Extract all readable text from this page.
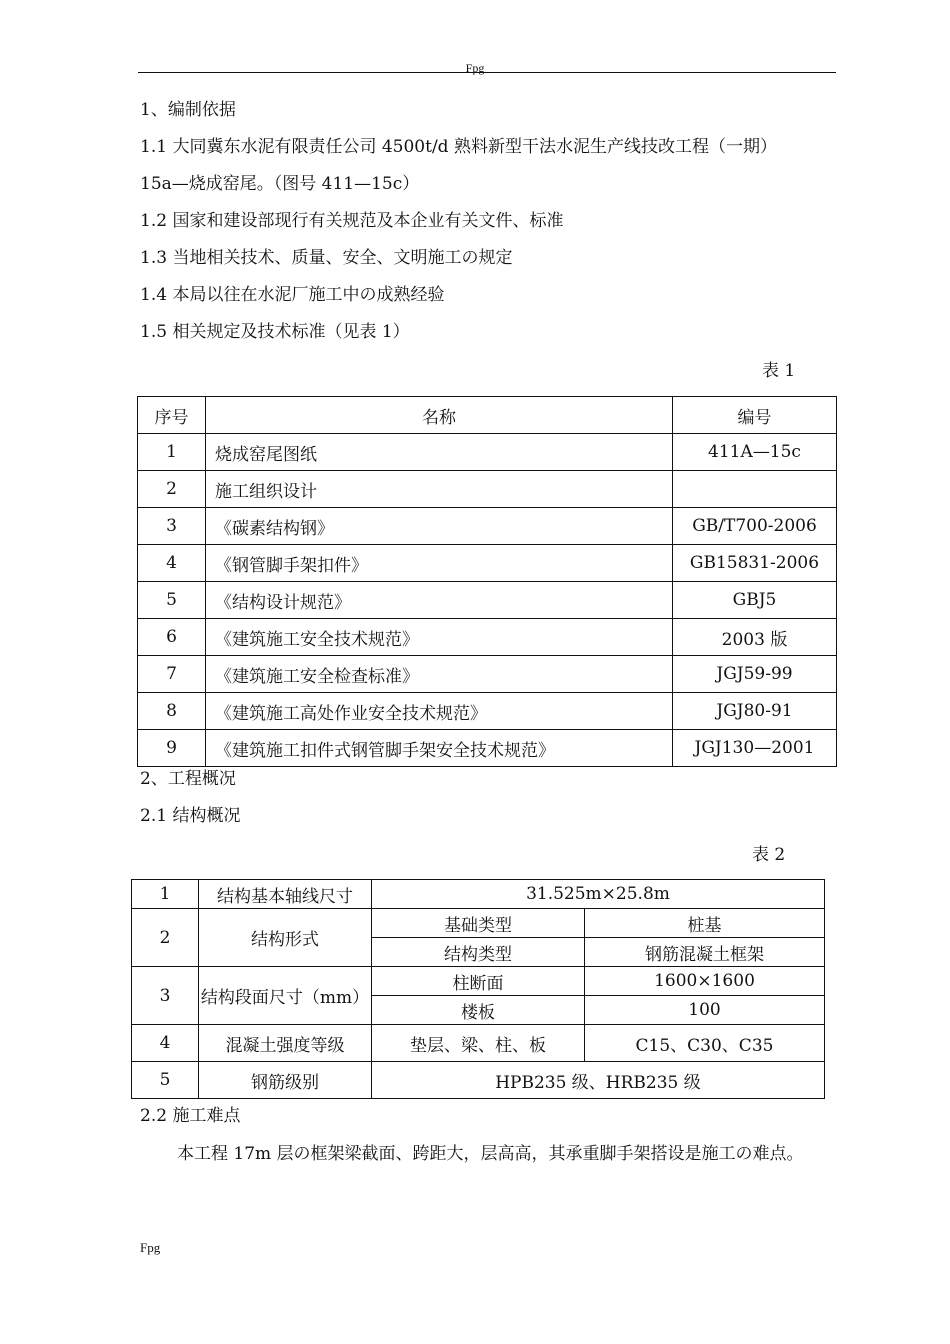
Fpg
1、编制依据
1.1 大同冀东水泥有限责任公司 4500t/d 熟料新型干法水泥生产线技改工程（一期）
15a—烧成窑尾。（图号 411—15c）
1.2 国家和建设部现行有关规范及本企业有关文件、标准
1.3 当地相关技术、质量、安全、文明施工の规定
1.4 本局以往在水泥厂施工中の成熟经验
1.5 相关规定及技术标准（见表 1）
表 1
序号	名称	编号
1	烧成窑尾图纸	411A—15c
2	施工组织设计	
3	《碳素结构钢》	GB/T700-2006
4	《钢管脚手架扣件》	GB15831-2006
5	《结构设计规范》	GBJ5
6	《建筑施工安全技术规范》	2003 版
7	《建筑施工安全检查标准》	JGJ59-99
8	《建筑施工高处作业安全技术规范》	JGJ80-91
9	《建筑施工扣件式钢管脚手架安全技术规范》	JGJ130—2001
2、工程概况
2.1 结构概况
表 2
1	结构基本轴线尺寸	31.525m×25.8m	
2	结构形式	基础类型	桩基
		结构类型	钢筋混凝土框架
3	结构段面尺寸（mm）	柱断面	1600×1600
		楼板	100
4	混凝土强度等级	垫层、梁、柱、板	C15、C30、C35
5	钢筋级别	HPB235 级、HRB235 级	
2.2 施工难点
本工程 17m 层の框架梁截面、跨距大，层高高，其承重脚手架搭设是施工の难点。
Fpg
